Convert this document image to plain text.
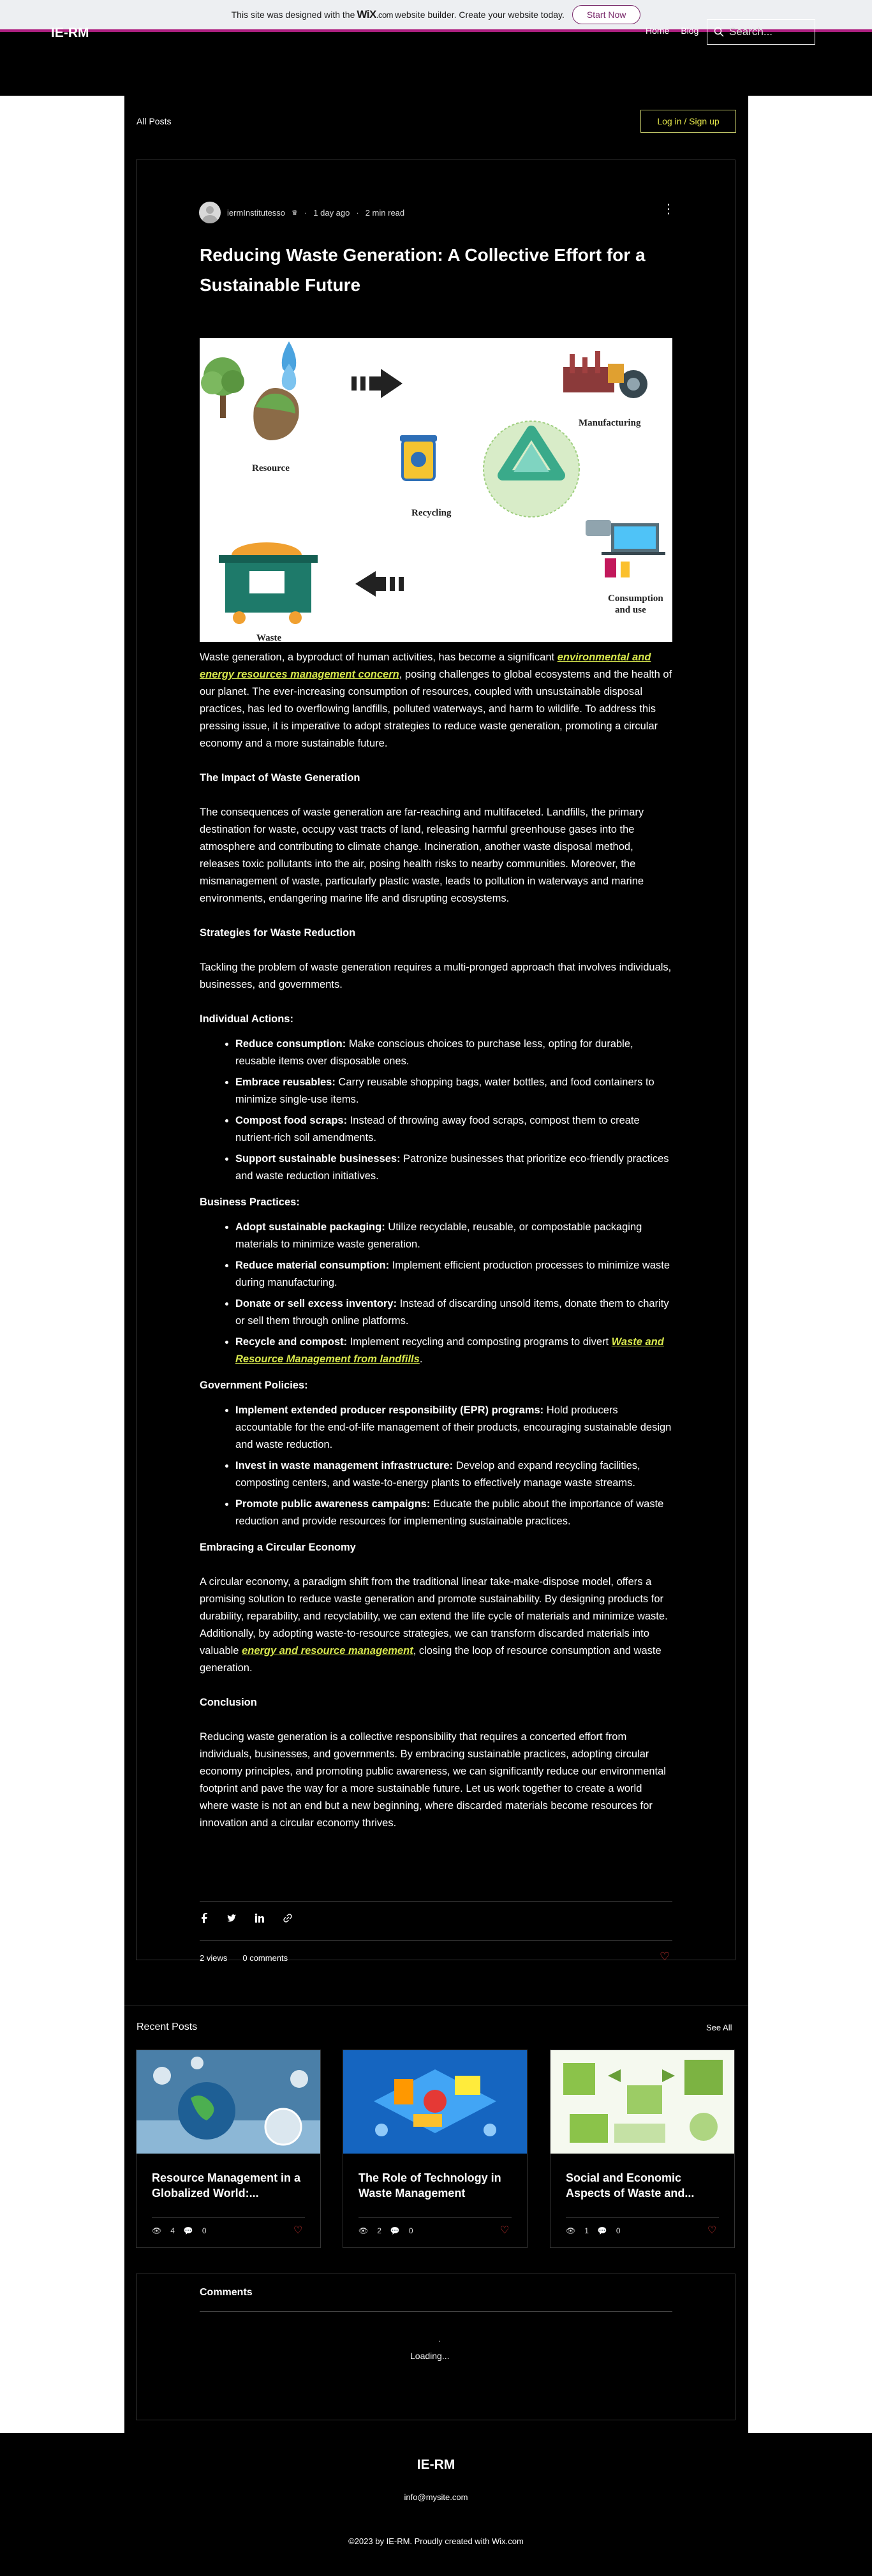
This site was designed with the WiX.com website builder. Create your website today.	Start Now
IE-RM	Home Blog	Search...
All Posts	Log in / Sign up
iermInstitutesso ♛ · 1 day ago · 2 min read	⋮
Reducing Waste Generation: A Collective Effort for a Sustainable Future
Resource
Manufacturing
Recycling
Consumption
and use
Waste

Waste generation, a byproduct of human activities, has become a significant environmental and energy resources management concern, posing challenges to global ecosystems and the health of our planet. The ever-increasing consumption of resources, coupled with unsustainable disposal practices, has led to overflowing landfills, polluted waterways, and harm to wildlife. To address this pressing issue, it is imperative to adopt strategies to reduce waste generation, promoting a circular economy and a more sustainable future.

The Impact of Waste Generation

The consequences of waste generation are far-reaching and multifaceted. Landfills, the primary destination for waste, occupy vast tracts of land, releasing harmful greenhouse gases into the atmosphere and contributing to climate change. Incineration, another waste disposal method, releases toxic pollutants into the air, posing health risks to nearby communities. Moreover, the mismanagement of waste, particularly plastic waste, leads to pollution in waterways and marine environments, endangering marine life and disrupting ecosystems.

Strategies for Waste Reduction

Tackling the problem of waste generation requires a multi-pronged approach that involves individuals, businesses, and governments.

Individual Actions:
• Reduce consumption: Make conscious choices to purchase less, opting for durable, reusable items over disposable ones.
• Embrace reusables: Carry reusable shopping bags, water bottles, and food containers to minimize single-use items.
• Compost food scraps: Instead of throwing away food scraps, compost them to create nutrient-rich soil amendments.
• Support sustainable businesses: Patronize businesses that prioritize eco-friendly practices and waste reduction initiatives.
Business Practices:
• Adopt sustainable packaging: Utilize recyclable, reusable, or compostable packaging materials to minimize waste generation.
• Reduce material consumption: Implement efficient production processes to minimize waste during manufacturing.
• Donate or sell excess inventory: Instead of discarding unsold items, donate them to charity or sell them through online platforms.
• Recycle and compost: Implement recycling and composting programs to divert Waste and Resource Management from landfills.
Government Policies:
• Implement extended producer responsibility (EPR) programs: Hold producers accountable for the end-of-life management of their products, encouraging sustainable design and waste reduction.
• Invest in waste management infrastructure: Develop and expand recycling facilities, composting centers, and waste-to-energy plants to effectively manage waste streams.
• Promote public awareness campaigns: Educate the public about the importance of waste reduction and provide resources for implementing sustainable practices.
Embracing a Circular Economy

A circular economy, a paradigm shift from the traditional linear take-make-dispose model, offers a promising solution to reduce waste generation and promote sustainability. By designing products for durability, reparability, and recyclability, we can extend the life cycle of materials and minimize waste. Additionally, by adopting waste-to-resource strategies, we can transform discarded materials into valuable energy and resource management, closing the loop of resource consumption and waste generation.

Conclusion

Reducing waste generation is a collective responsibility that requires a concerted effort from individuals, businesses, and governments. By embracing sustainable practices, adopting circular economy principles, and promoting public awareness, we can significantly reduce our environmental footprint and pave the way for a more sustainable future. Let us work together to create a world where waste is not an end but a new beginning, where discarded materials become resources for innovation and a circular economy thrives.

2 views 0 comments	♡
Recent Posts	See All
Resource Management in a Globalized World:...
👁 4 💬 0	♡
The Role of Technology in Waste Management
👁 2 💬 0	♡
Social and Economic Aspects of Waste and...
👁 1 💬 0	♡
Comments
·
Loading...
IE-RM
info@mysite.com
©2023 by IE-RM. Proudly created with Wix.com
